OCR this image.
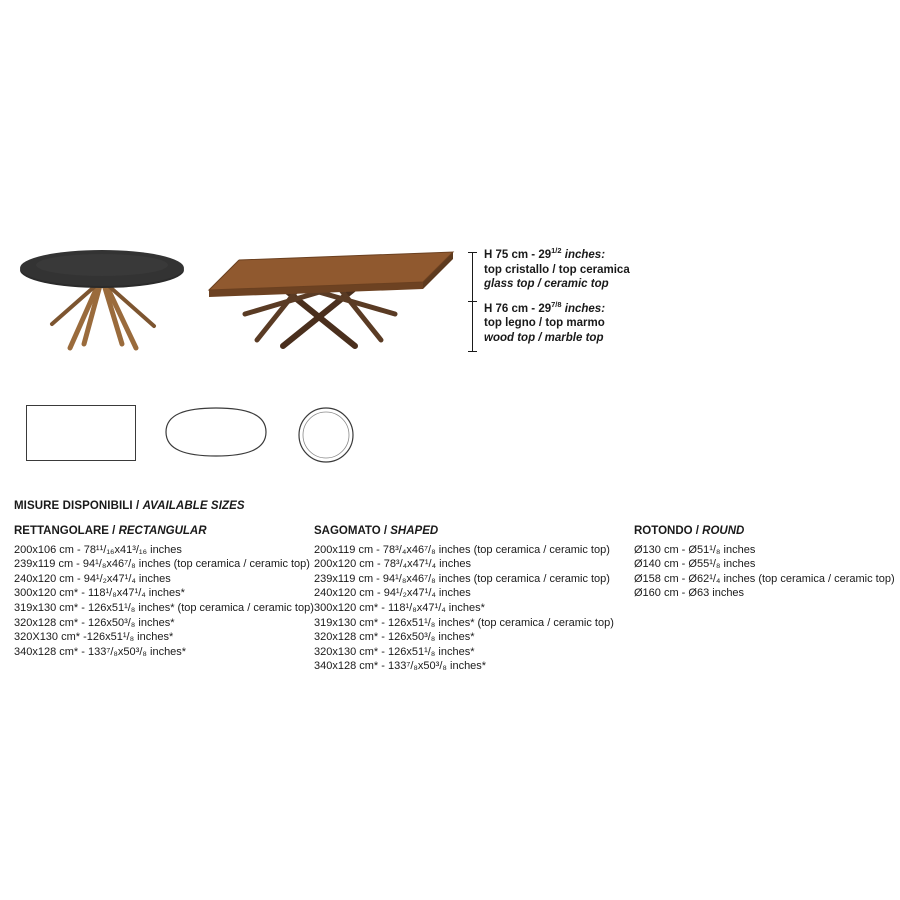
H 75 cm - $29^{1/2}$ inches:
top cristallo / top ceramica
glass top / ceramic top
H 76 cm - $29^{7/8}$ inches:
top legno / top marmo
wood top / marble top
MISURE DISPONIBILI / AVAILABLE SIZES
RETTANGOLARE / RECTANGULAR
200x106 cm - 78¹¹/₁₆x41³/₁₆ inches
239x119 cm - 94¹/₈x46⁷/₈ inches (top ceramica / ceramic top)
240x120 cm - 94¹/₂x47¹/₄ inches
300x120 cm* - 118¹/₈x47¹/₄ inches*
319x130 cm* - 126x51¹/₈ inches* (top ceramica / ceramic top)
320x128 cm* - 126x50³/₈ inches*
320X130 cm* -126x51¹/₈ inches*
340x128 cm* - 133⁷/₈x50³/₈ inches*
SAGOMATO / SHAPED
200x119 cm - 78³/₄x46⁷/₈ inches (top ceramica / ceramic top)
200x120 cm - 78³/₄x47¹/₄ inches
239x119 cm - 94¹/₈x46⁷/₈ inches (top ceramica / ceramic top)
240x120 cm - 94¹/₂x47¹/₄ inches
300x120 cm* - 118¹/₈x47¹/₄ inches*
319x130 cm* - 126x51¹/₈ inches* (top ceramica / ceramic top)
320x128 cm* - 126x50³/₈ inches*
320x130 cm* - 126x51¹/₈ inches*
340x128 cm* - 133⁷/₈x50³/₈ inches*
ROTONDO / ROUND
Ø130 cm - Ø51¹/₈ inches
Ø140 cm - Ø55¹/₈ inches
Ø158 cm - Ø62¹/₄ inches (top ceramica / ceramic top)
Ø160 cm - Ø63 inches
